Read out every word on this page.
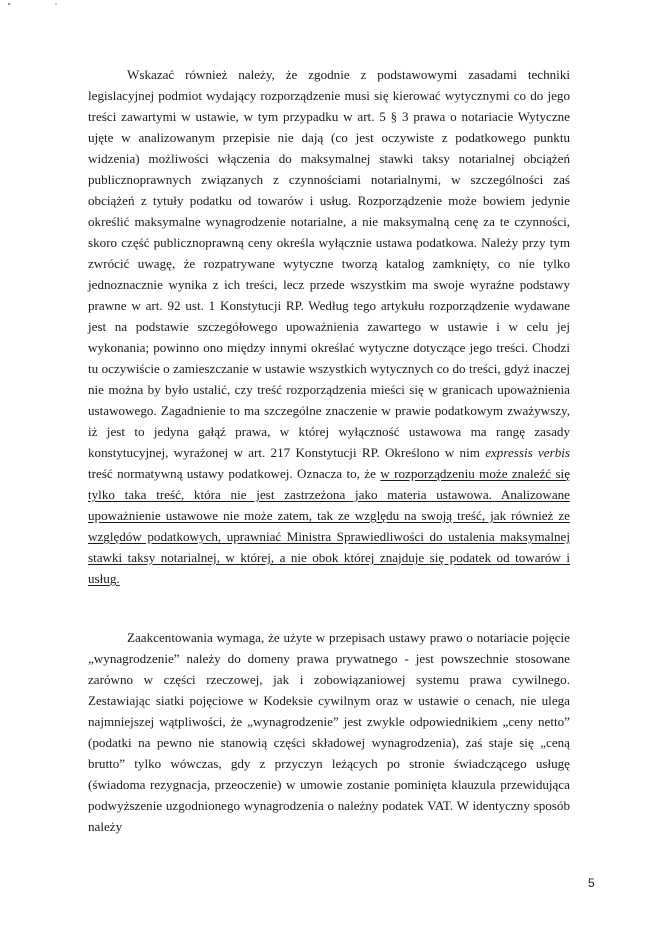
Wskazać również należy, że zgodnie z podstawowymi zasadami techniki legislacyjnej podmiot wydający rozporządzenie musi się kierować wytycznymi co do jego treści zawartymi w ustawie, w tym przypadku w art. 5 § 3 prawa o notariacie Wytyczne ujęte w analizowanym przepisie nie dają (co jest oczywiste z podatkowego punktu widzenia) możliwości włączenia do maksymalnej stawki taksy notarialnej obciążeń publicznoprawnych związanych z czynnościami notarialnymi, w szczególności zaś obciążeń z tytuły podatku od towarów i usług. Rozporządzenie może bowiem jedynie określić maksymalne wynagrodzenie notarialne, a nie maksymalną cenę za te czynności, skoro część publicznoprawną ceny określa wyłącznie ustawa podatkowa. Należy przy tym zwrócić uwagę, że rozpatrywane wytyczne tworzą katalog zamknięty, co nie tylko jednoznacznie wynika z ich treści, lecz przede wszystkim ma swoje wyraźne podstawy prawne w art. 92 ust. 1 Konstytucji RP. Według tego artykułu rozporządzenie wydawane jest na podstawie szczegółowego upoważnienia zawartego w ustawie i w celu jej wykonania; powinno ono między innymi określać wytyczne dotyczące jego treści. Chodzi tu oczywiście o zamieszczanie w ustawie wszystkich wytycznych co do treści, gdyż inaczej nie można by było ustalić, czy treść rozporządzenia mieści się w granicach upoważnienia ustawowego. Zagadnienie to ma szczególne znaczenie w prawie podatkowym zważywszy, iż jest to jedyna gałąź prawa, w której wyłączność ustawowa ma rangę zasady konstytucyjnej, wyrażonej w art. 217 Konstytucji RP. Określono w nim expressis verbis treść normatywną ustawy podatkowej. Oznacza to, że w rozporządzeniu może znaleźć się tylko taka treść, która nie jest zastrzeżona jako materia ustawowa. Analizowane upoważnienie ustawowe nie może zatem, tak ze względu na swoją treść, jak również ze względów podatkowych, uprawniać Ministra Sprawiedliwości do ustalenia maksymalnej stawki taksy notarialnej, w której, a nie obok której znajduje się podatek od towarów i usług.

Zaakcentowania wymaga, że użyte w przepisach ustawy prawo o notariacie pojęcie „wynagrodzenie” należy do domeny prawa prywatnego - jest powszechnie stosowane zarówno w części rzeczowej, jak i zobowiązaniowej systemu prawa cywilnego. Zestawiając siatki pojęciowe w Kodeksie cywilnym oraz w ustawie o cenach, nie ulega najmniejszej wątpliwości, że „wynagrodzenie” jest zwykle odpowiednikiem „ceny netto” (podatki na pewno nie stanowią części składowej wynagrodzenia), zaś staje się „ceną brutto” tylko wówczas, gdy z przyczyn leżących po stronie świadczącego usługę (świadoma rezygnacja, przeoczenie) w umowie zostanie pominięta klauzula przewidująca podwyższenie uzgodnionego wynagrodzenia o należny podatek VAT. W identyczny sposób należy

5
